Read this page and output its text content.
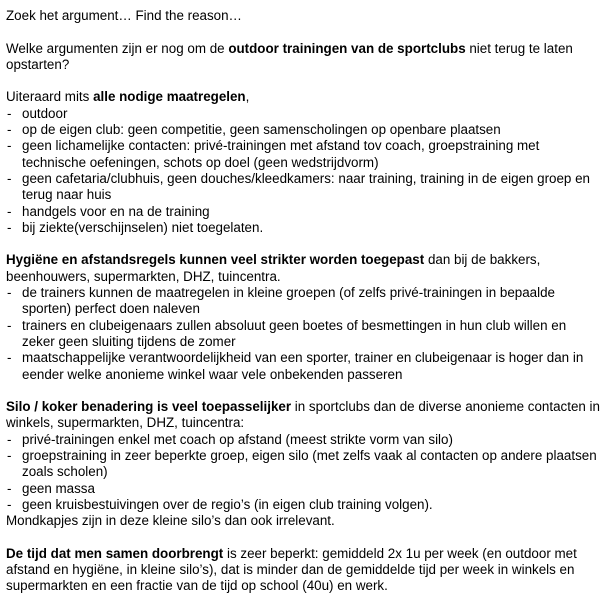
Zoek het argument… Find the reason…

Welke argumenten zijn er nog om de outdoor trainingen van de sportclubs niet terug te laten opstarten?

Uiteraard mits alle nodige maatregelen,

- outdoor
- op de eigen club: geen competitie, geen samenscholingen op openbare plaatsen
- geen lichamelijke contacten: privé-trainingen met afstand tov coach, groepstraining met technische oefeningen, schots op doel (geen wedstrijdvorm)
- geen cafetaria/clubhuis, geen douches/kleedkamers: naar training, training in de eigen groep en terug naar huis
- handgels voor en na de training
- bij ziekte(verschijnselen) niet toegelaten.

Hygiëne en afstandsregels kunnen veel strikter worden toegepast dan bij de bakkers, beenhouwers, supermarkten, DHZ, tuincentra.

- de trainers kunnen de maatregelen in kleine groepen (of zelfs privé-trainingen in bepaalde sporten) perfect doen naleven
- trainers en clubeigenaars zullen absoluut geen boetes of besmettingen in hun club willen en zeker geen sluiting tijdens de zomer
- maatschappelijke verantwoordelijkheid van een sporter, trainer en clubeigenaar is hoger dan in eender welke anonieme winkel waar vele onbekenden passeren

Silo / koker benadering is veel toepasselijker in sportclubs dan de diverse anonieme contacten in winkels, supermarkten, DHZ, tuincentra:

- privé-trainingen enkel met coach op afstand (meest strikte vorm van silo)
- groepstraining in zeer beperkte groep, eigen silo (met zelfs vaak al contacten op andere plaatsen zoals scholen)
- geen massa
- geen kruisbestuivingen over de regio’s (in eigen club training volgen).

Mondkapjes zijn in deze kleine silo’s dan ook irrelevant.

De tijd dat men samen doorbrengt is zeer beperkt: gemiddeld 2x 1u per week (en outdoor met afstand en hygiëne, in kleine silo’s), dat is minder dan de gemiddelde tijd per week in winkels en supermarkten en een fractie van de tijd op school (40u) en werk.
